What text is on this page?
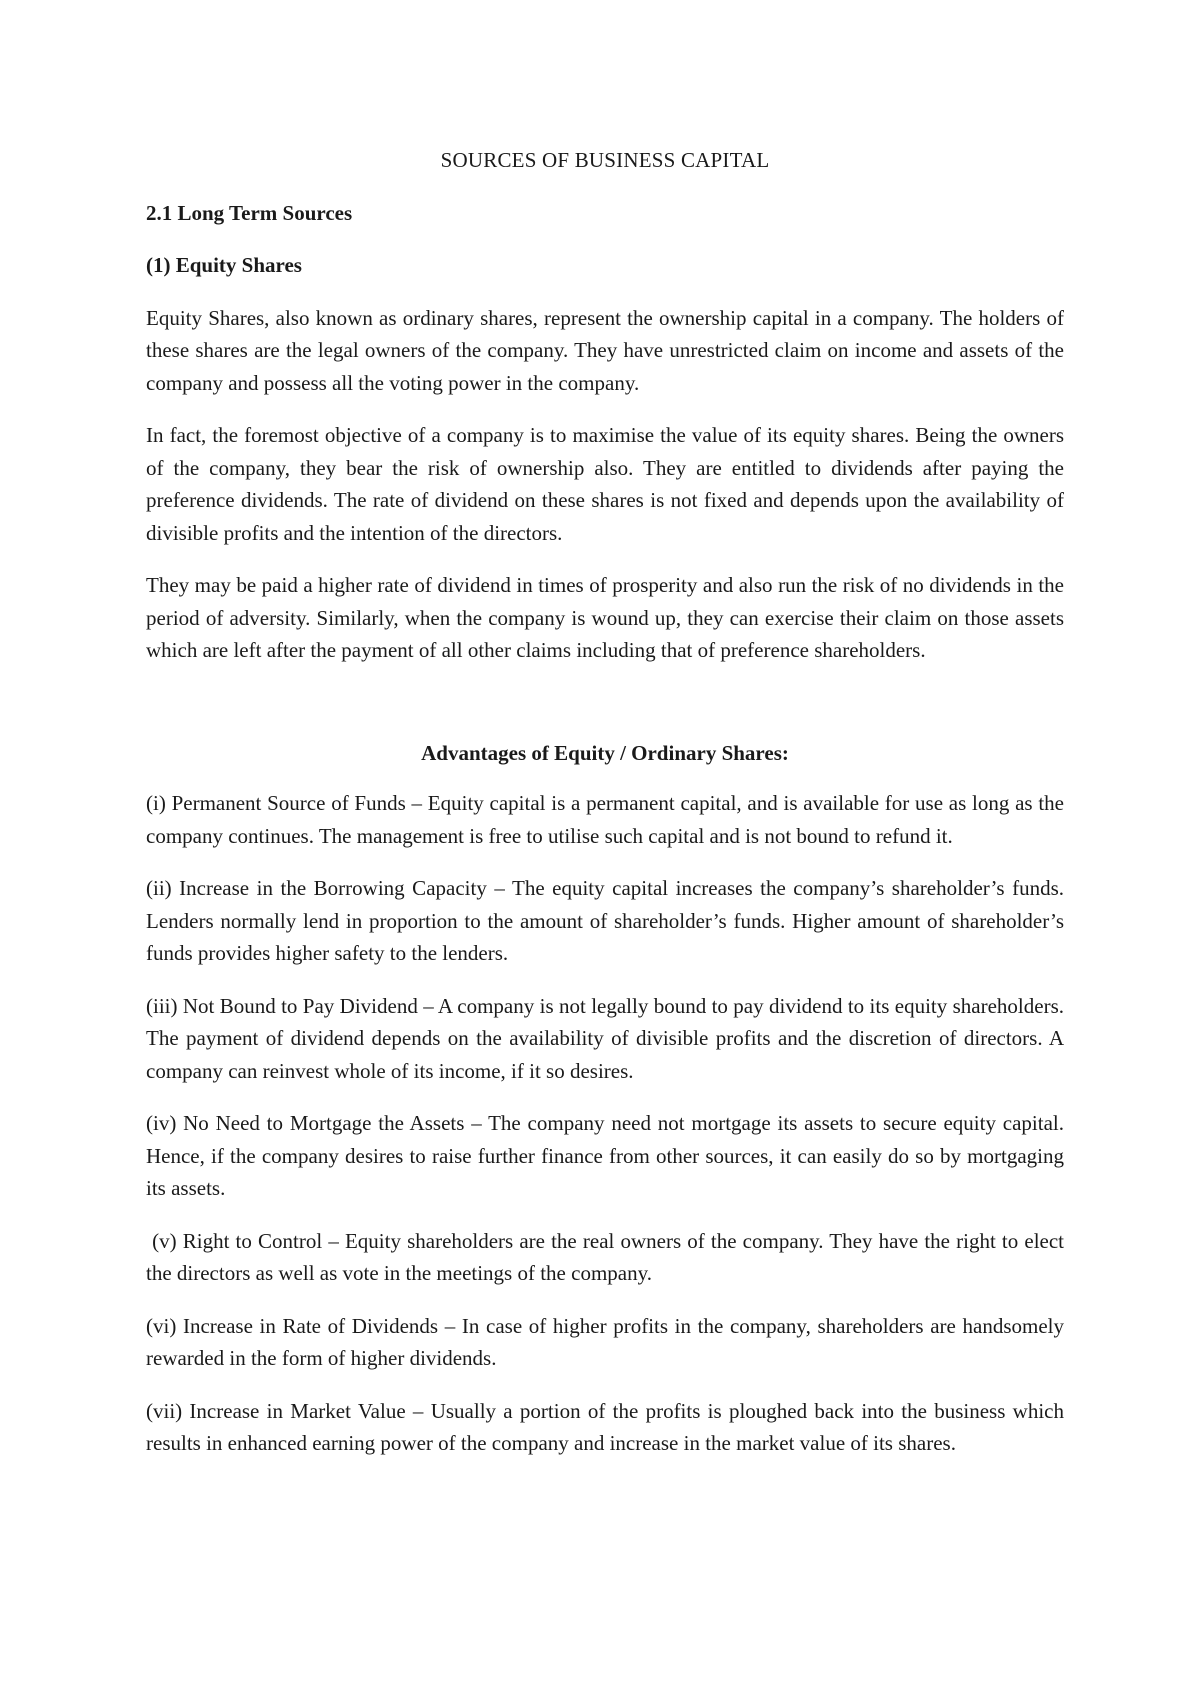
SOURCES OF BUSINESS CAPITAL
2.1 Long Term Sources
(1) Equity Shares

Equity Shares, also known as ordinary shares, represent the ownership capital in a company. The holders of these shares are the legal owners of the company. They have unrestricted claim on income and assets of the company and possess all the voting power in the company.

In fact, the foremost objective of a company is to maximise the value of its equity shares. Being the owners of the company, they bear the risk of ownership also. They are entitled to dividends after paying the preference dividends. The rate of dividend on these shares is not fixed and depends upon the availability of divisible profits and the intention of the directors.

They may be paid a higher rate of dividend in times of prosperity and also run the risk of no dividends in the period of adversity. Similarly, when the company is wound up, they can exercise their claim on those assets which are left after the payment of all other claims including that of preference shareholders.

Advantages of Equity / Ordinary Shares:

(i) Permanent Source of Funds – Equity capital is a permanent capital, and is available for use as long as the company continues. The management is free to utilise such capital and is not bound to refund it.

(ii) Increase in the Borrowing Capacity – The equity capital increases the company’s shareholder’s funds. Lenders normally lend in proportion to the amount of shareholder’s funds. Higher amount of shareholder’s funds provides higher safety to the lenders.

(iii) Not Bound to Pay Dividend – A company is not legally bound to pay dividend to its equity shareholders. The payment of dividend depends on the availability of divisible profits and the discretion of directors. A company can reinvest whole of its income, if it so desires.

(iv) No Need to Mortgage the Assets – The company need not mortgage its assets to secure equity capital. Hence, if the company desires to raise further finance from other sources, it can easily do so by mortgaging its assets.

(v) Right to Control – Equity shareholders are the real owners of the company. They have the right to elect the directors as well as vote in the meetings of the company.

(vi) Increase in Rate of Dividends – In case of higher profits in the company, shareholders are handsomely rewarded in the form of higher dividends.

(vii) Increase in Market Value – Usually a portion of the profits is ploughed back into the business which results in enhanced earning power of the company and increase in the market value of its shares.
